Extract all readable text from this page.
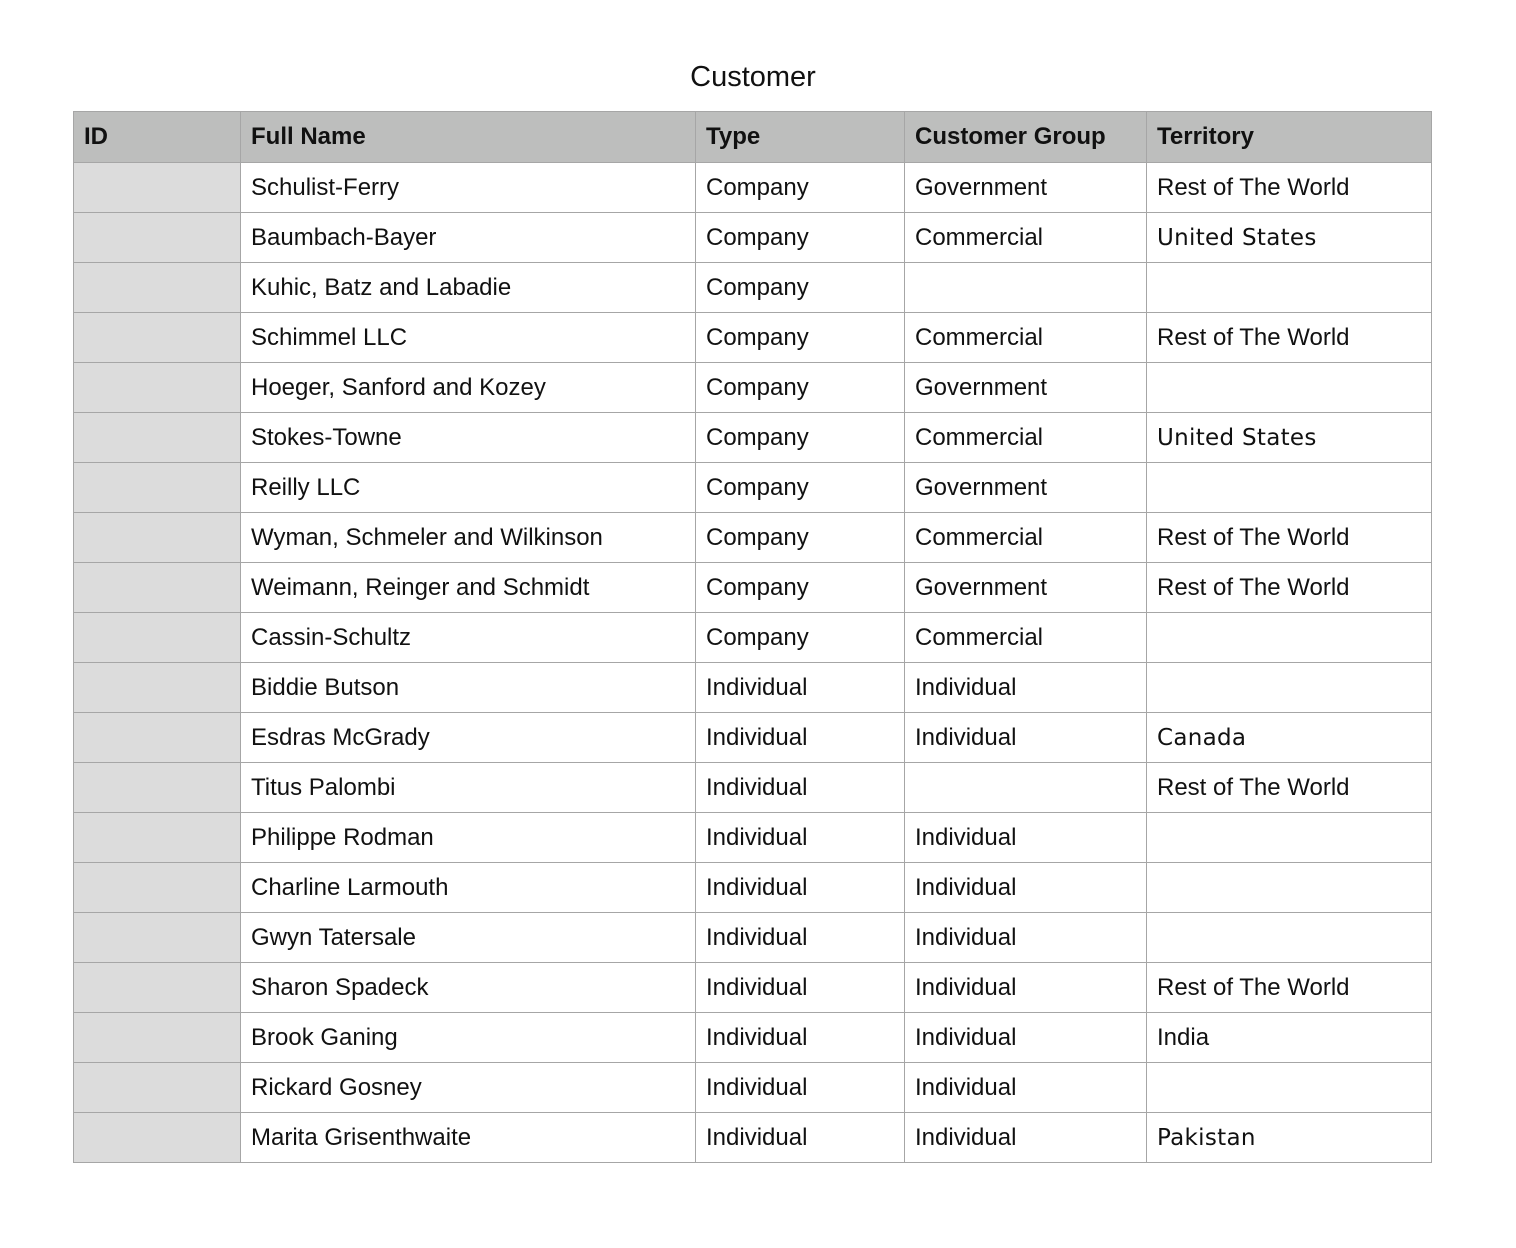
Customer
ID	Full Name	Type	Customer Group	Territory
	Schulist-Ferry	Company	Government	Rest of The World
	Baumbach-Bayer	Company	Commercial	United States
	Kuhic, Batz and Labadie	Company		
	Schimmel LLC	Company	Commercial	Rest of The World
	Hoeger, Sanford and Kozey	Company	Government	
	Stokes-Towne	Company	Commercial	United States
	Reilly LLC	Company	Government	
	Wyman, Schmeler and Wilkinson	Company	Commercial	Rest of The World
	Weimann, Reinger and Schmidt	Company	Government	Rest of The World
	Cassin-Schultz	Company	Commercial	
	Biddie Butson	Individual	Individual	
	Esdras McGrady	Individual	Individual	Canada
	Titus Palombi	Individual		Rest of The World
	Philippe Rodman	Individual	Individual	
	Charline Larmouth	Individual	Individual	
	Gwyn Tatersale	Individual	Individual	
	Sharon Spadeck	Individual	Individual	Rest of The World
	Brook Ganing	Individual	Individual	India
	Rickard Gosney	Individual	Individual	
	Marita Grisenthwaite	Individual	Individual	Pakistan
